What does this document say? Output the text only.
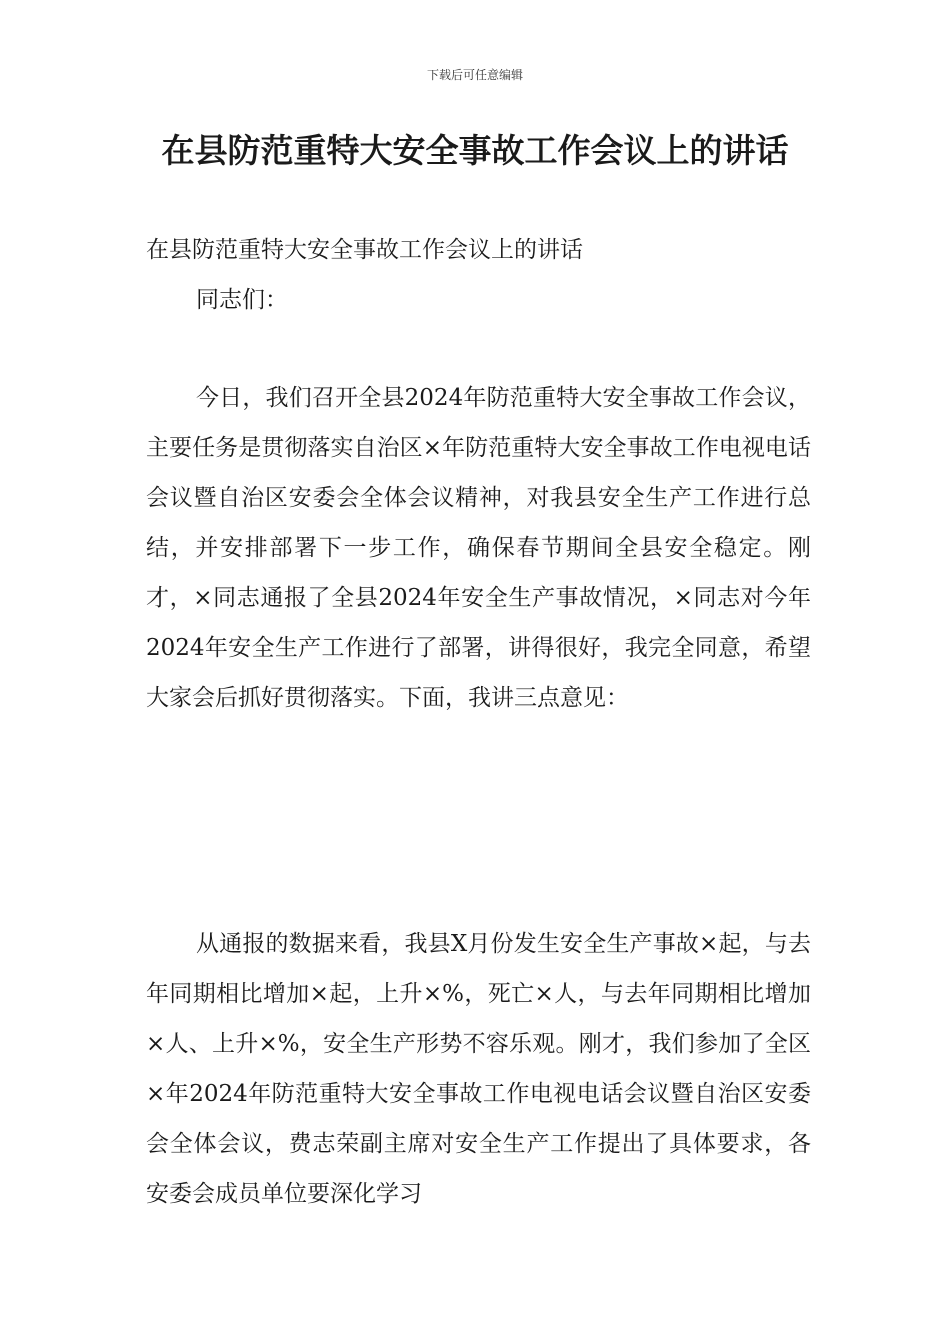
下载后可任意编辑
在县防范重特大安全事故工作会议上的讲话
在县防范重特大安全事故工作会议上的讲话
同志们：

今日，我们召开全县2024年防范重特大安全事故工作会议，主要任务是贯彻落实自治区×年防范重特大安全事故工作电视电话会议暨自治区安委会全体会议精神，对我县安全生产工作进行总结，并安排部署下一步工作，确保春节期间全县安全稳定。刚才，×同志通报了全县2024年安全生产事故情况，×同志对今年2024年安全生产工作进行了部署，讲得很好，我完全同意，希望大家会后抓好贯彻落实。下面，我讲三点意见：

从通报的数据来看，我县X月份发生安全生产事故×起，与去年同期相比增加×起，上升×%，死亡×人，与去年同期相比增加×人、上升×%，安全生产形势不容乐观。刚才，我们参加了全区×年2024年防范重特大安全事故工作电视电话会议暨自治区安委会全体会议，费志荣副主席对安全生产工作提出了具体要求，各安委会成员单位要深化学习
